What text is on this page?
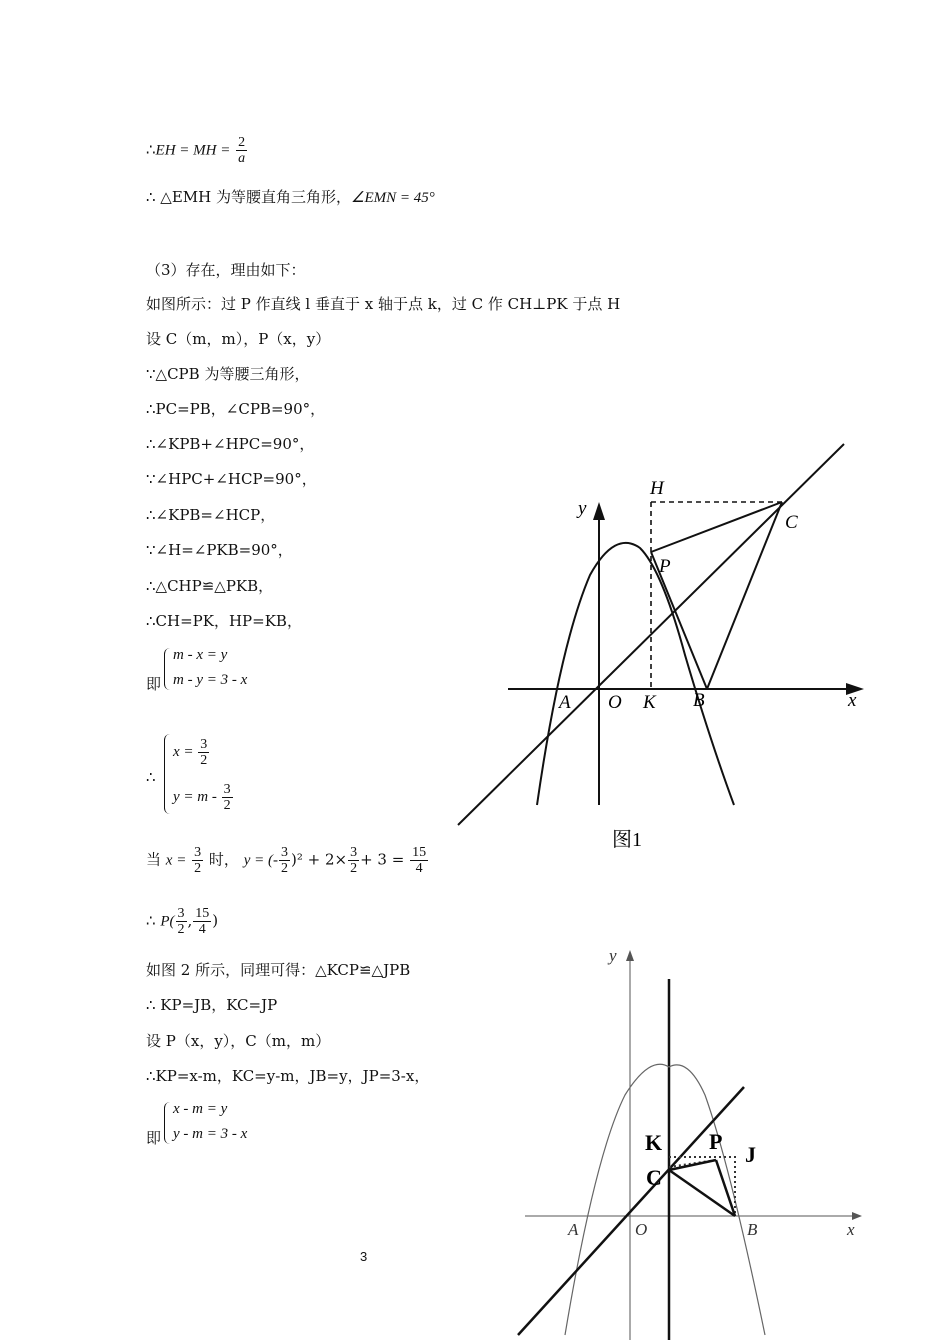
∴EH = MH = $\frac{2}{a}$
∴ △EMH 为等腰直角三角形，∠EMN = 45°
（3）存在，理由如下：
如图所示：过 P 作直线 l 垂直于 x 轴于点 k，过 C 作 CH⊥PK 于点 H
设 C（m，m），P（x，y）
∵△CPB 为等腰三角形，
∴PC=PB，∠CPB=90°，
∴∠KPB+∠HPC=90°，
∵∠HPC+∠HCP=90°，
∴∠KPB=∠HCP，
∵∠H=∠PKB=90°，
∴△CHP≌△PKB，
∴CH=PK，HP=KB，
即
m - x = y
m - y = 3 - x
∴
$x = \frac{3}{2}$
$y = m - \frac{3}{2}$
当 $x = \frac{3}{2}$ 时， y = (- $\frac{3}{2} )^2 + 2\times \frac{3}{2} + 3 = \frac{15}{4}$
∴ $P( \frac{3}{2}$ , $\frac{15}{4}$ )
如图 2 所示，同理可得：△KCP≌△JPB
∴ KP=JB，KC=JP
设 P（x，y），C（m，m）
∴KP=x-m，KC=y-m，JB=y，JP=3-x，
即
x - m = y
y - m = 3 - x
3
y
x
H
C
P
A O K B
图1
y
x
K P
J
C
A	O	B
